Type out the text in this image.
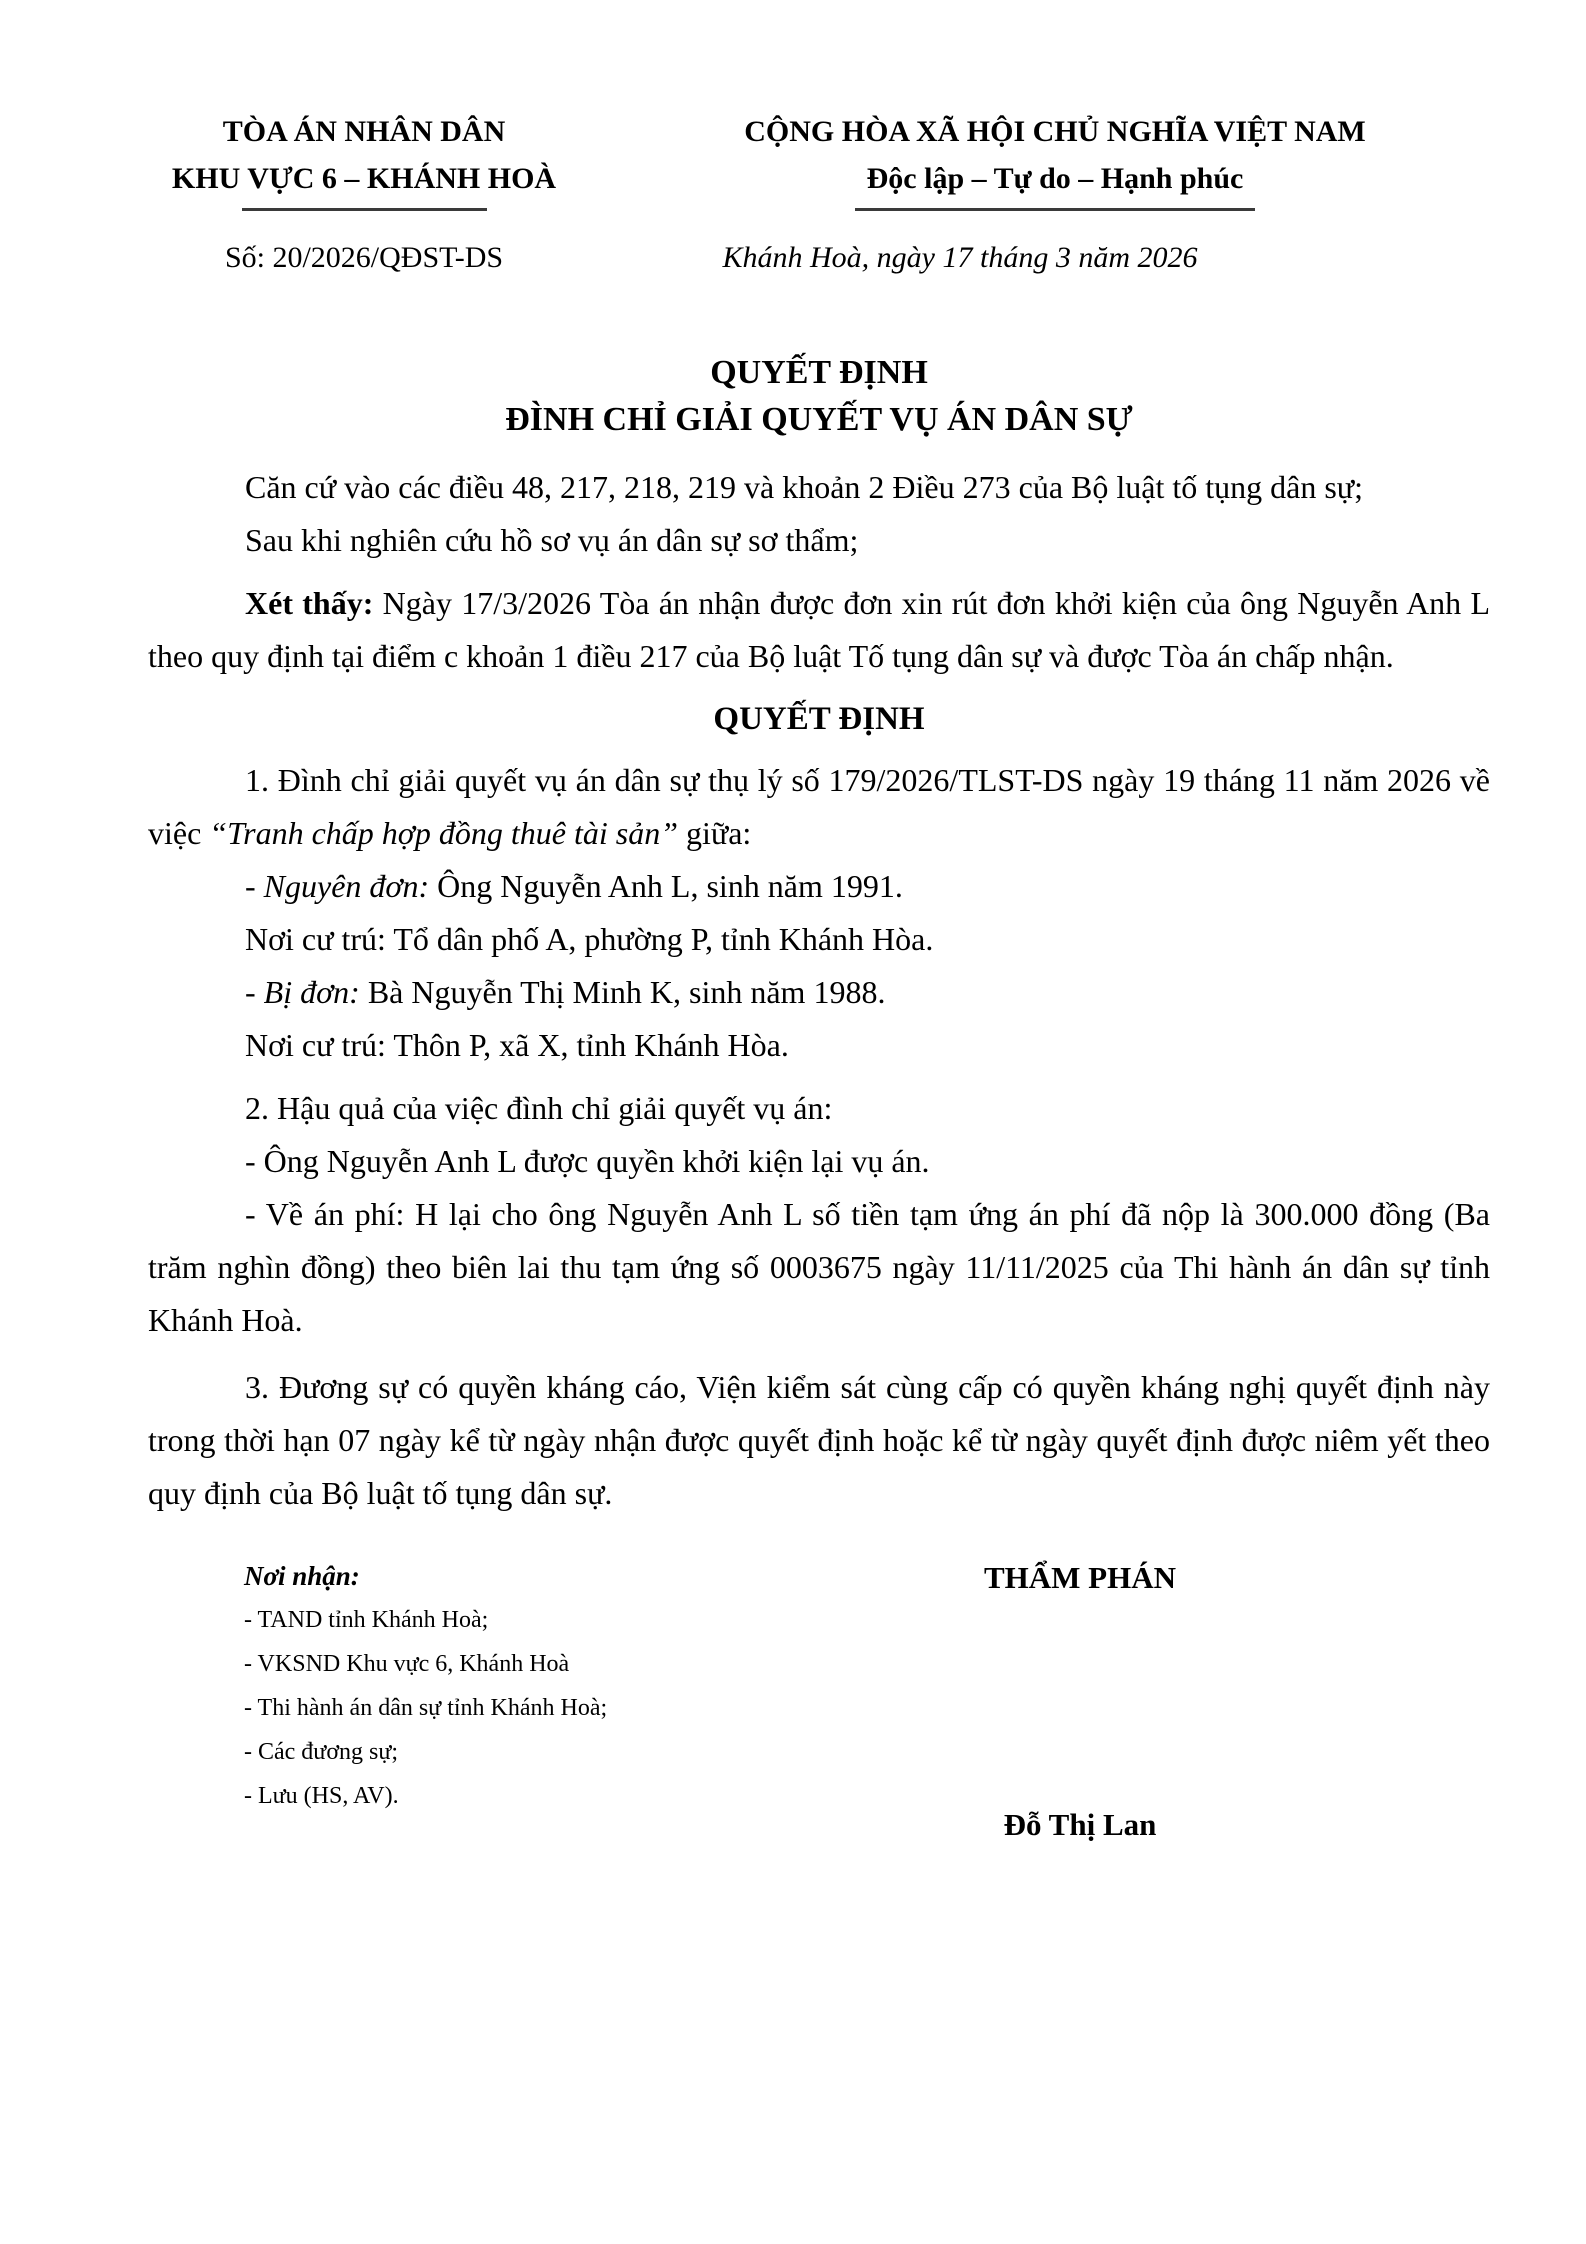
TÒA ÁN NHÂN DÂN
KHU VỰC 6 – KHÁNH HOÀ
Số: 20/2026/QĐST-DS
CỘNG HÒA XÃ HỘI CHỦ NGHĨA VIỆT NAM
Độc lập – Tự do – Hạnh phúc
Khánh Hoà, ngày 17 tháng 3 năm 2026
QUYẾT ĐỊNH
ĐÌNH CHỈ GIẢI QUYẾT VỤ ÁN DÂN SỰ

Căn cứ vào các điều 48, 217, 218, 219 và khoản 2 Điều 273 của Bộ luật tố tụng dân sự;

Sau khi nghiên cứu hồ sơ vụ án dân sự sơ thẩm;

Xét thấy: Ngày 17/3/2026 Tòa án nhận được đơn xin rút đơn khởi kiện của ông Nguyễn Anh L theo quy định tại điểm c khoản 1 điều 217 của Bộ luật Tố tụng dân sự và được Tòa án chấp nhận.

QUYẾT ĐỊNH

1. Đình chỉ giải quyết vụ án dân sự thụ lý số 179/2026/TLST-DS ngày 19 tháng 11 năm 2026 về việc “Tranh chấp hợp đồng thuê tài sản” giữa:

- Nguyên đơn: Ông Nguyễn Anh L, sinh năm 1991.

Nơi cư trú: Tổ dân phố A, phường P, tỉnh Khánh Hòa.

- Bị đơn: Bà Nguyễn Thị Minh K, sinh năm 1988.

Nơi cư trú: Thôn P, xã X, tỉnh Khánh Hòa.

2. Hậu quả của việc đình chỉ giải quyết vụ án:

- Ông Nguyễn Anh L được quyền khởi kiện lại vụ án.

- Về án phí: H lại cho ông Nguyễn Anh L số tiền tạm ứng án phí đã nộp là 300.000 đồng (Ba trăm nghìn đồng) theo biên lai thu tạm ứng số 0003675 ngày 11/11/2025 của Thi hành án dân sự tỉnh Khánh Hoà.

3. Đương sự có quyền kháng cáo, Viện kiểm sát cùng cấp có quyền kháng nghị quyết định này trong thời hạn 07 ngày kể từ ngày nhận được quyết định hoặc kể từ ngày quyết định được niêm yết theo quy định của Bộ luật tố tụng dân sự.

Nơi nhận:
- TAND tỉnh Khánh Hoà;
- VKSND Khu vực 6, Khánh Hoà
- Thi hành án dân sự tỉnh Khánh Hoà;
- Các đương sự;
- Lưu (HS, AV).
THẨM PHÁN
Đỗ Thị Lan
